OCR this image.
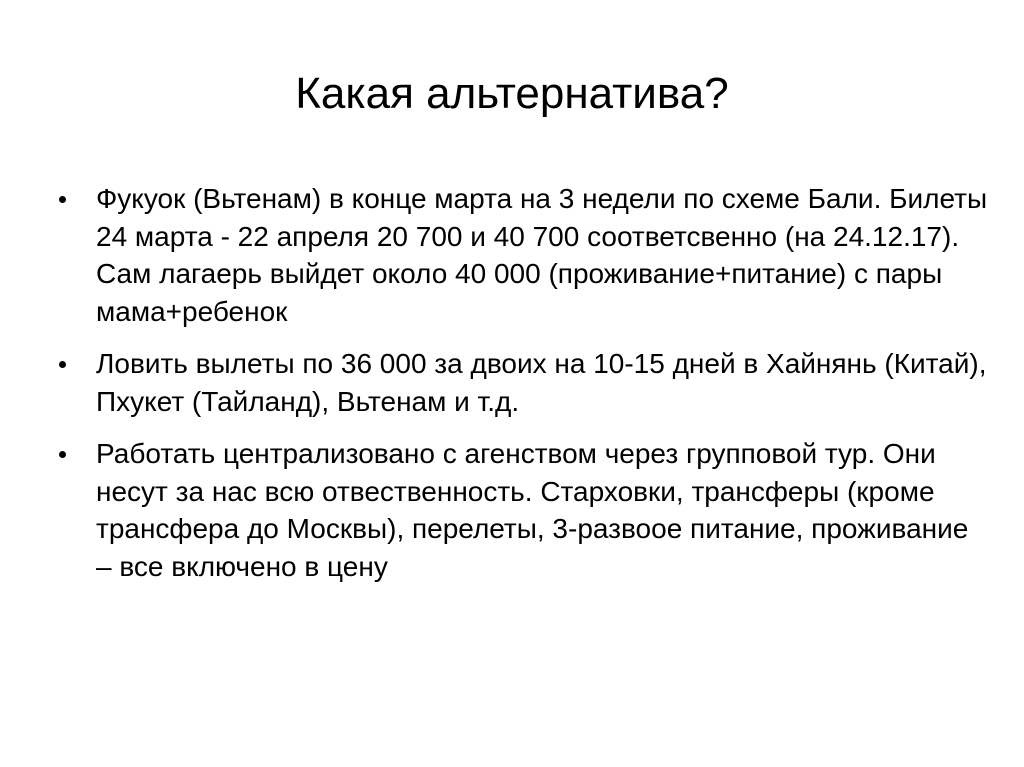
Какая альтернатива?
Фукуок (Вьтенам) в конце марта на 3 недели по схеме Бали. Билеты 24 марта - 22 апреля 20 700 и 40 700 соответсвенно (на 24.12.17). Сам лагаерь выйдет около 40 000 (проживание+питание) с пары мама+ребенок
Ловить вылеты по 36 000 за двоих на 10-15 дней в Хайнянь (Китай), Пхукет (Тайланд), Вьтенам и т.д.
Работать централизовано с агенством через групповой тур. Они несут за нас всю отвественность. Старховки, трансферы (кроме трансфера до Москвы), перелеты, 3-развоое питание, проживание – все включено в цену
